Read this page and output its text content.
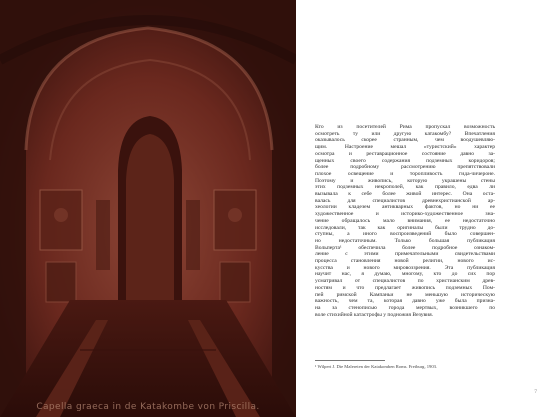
Capella graeca in de Katakombe von Priscilla.
Кто из посетителей Рима пропускал возможность
осмотреть ту или другую катакомбу? Впечатления
оказывалось скорее странным, чем воодушевляю-
щим. Настроение мешал «туристский» характер
осмотра и реставрационное состояние давно за-
щенных своего содержания подземных коридоров;
более подробному рассмотрению препятствовали
плохое освещение и торопливость гида-чичероне.
Поэтому и живопись, которую украшены стены
этих подземных некрополей, как правило, едва ли
вызывала к себе более живой интерес. Она оста-
валась для специалистов древнехристианской ар-
хеологии кладезем антикварных фактов, но ни ее
художественное и историко-художественное зна-
чение обращалось мало внимания, ее недостаточно
исследовали, так как оригиналы были трудно до-
ступны, а иного воспроизведений было совершен-
но недостаточным. Только большая публикация
Вольперта¹ обеспечила более подробное ознаком-
ление с этими примечательными свидетельствами
процесса становления новой религии, нового ис-
кусства и нового мировоззрения. Эта публикация
научит нас, я думаю, многому, кто до сих пор
усматривал от специалистов по христианским древ-
ностям и что предлагает живопись подземных Пом-
пей римской Кампаньи не меньшую историческую
важность, чем та, которая давно уже была призна-
на за стенописью города мертвых, возникшего по
воле стихийной катастрофы у подножия Везувия.
¹ Wilpert J. Die Malereien der Katakomben Roms. Freiburg, 1903.
7
